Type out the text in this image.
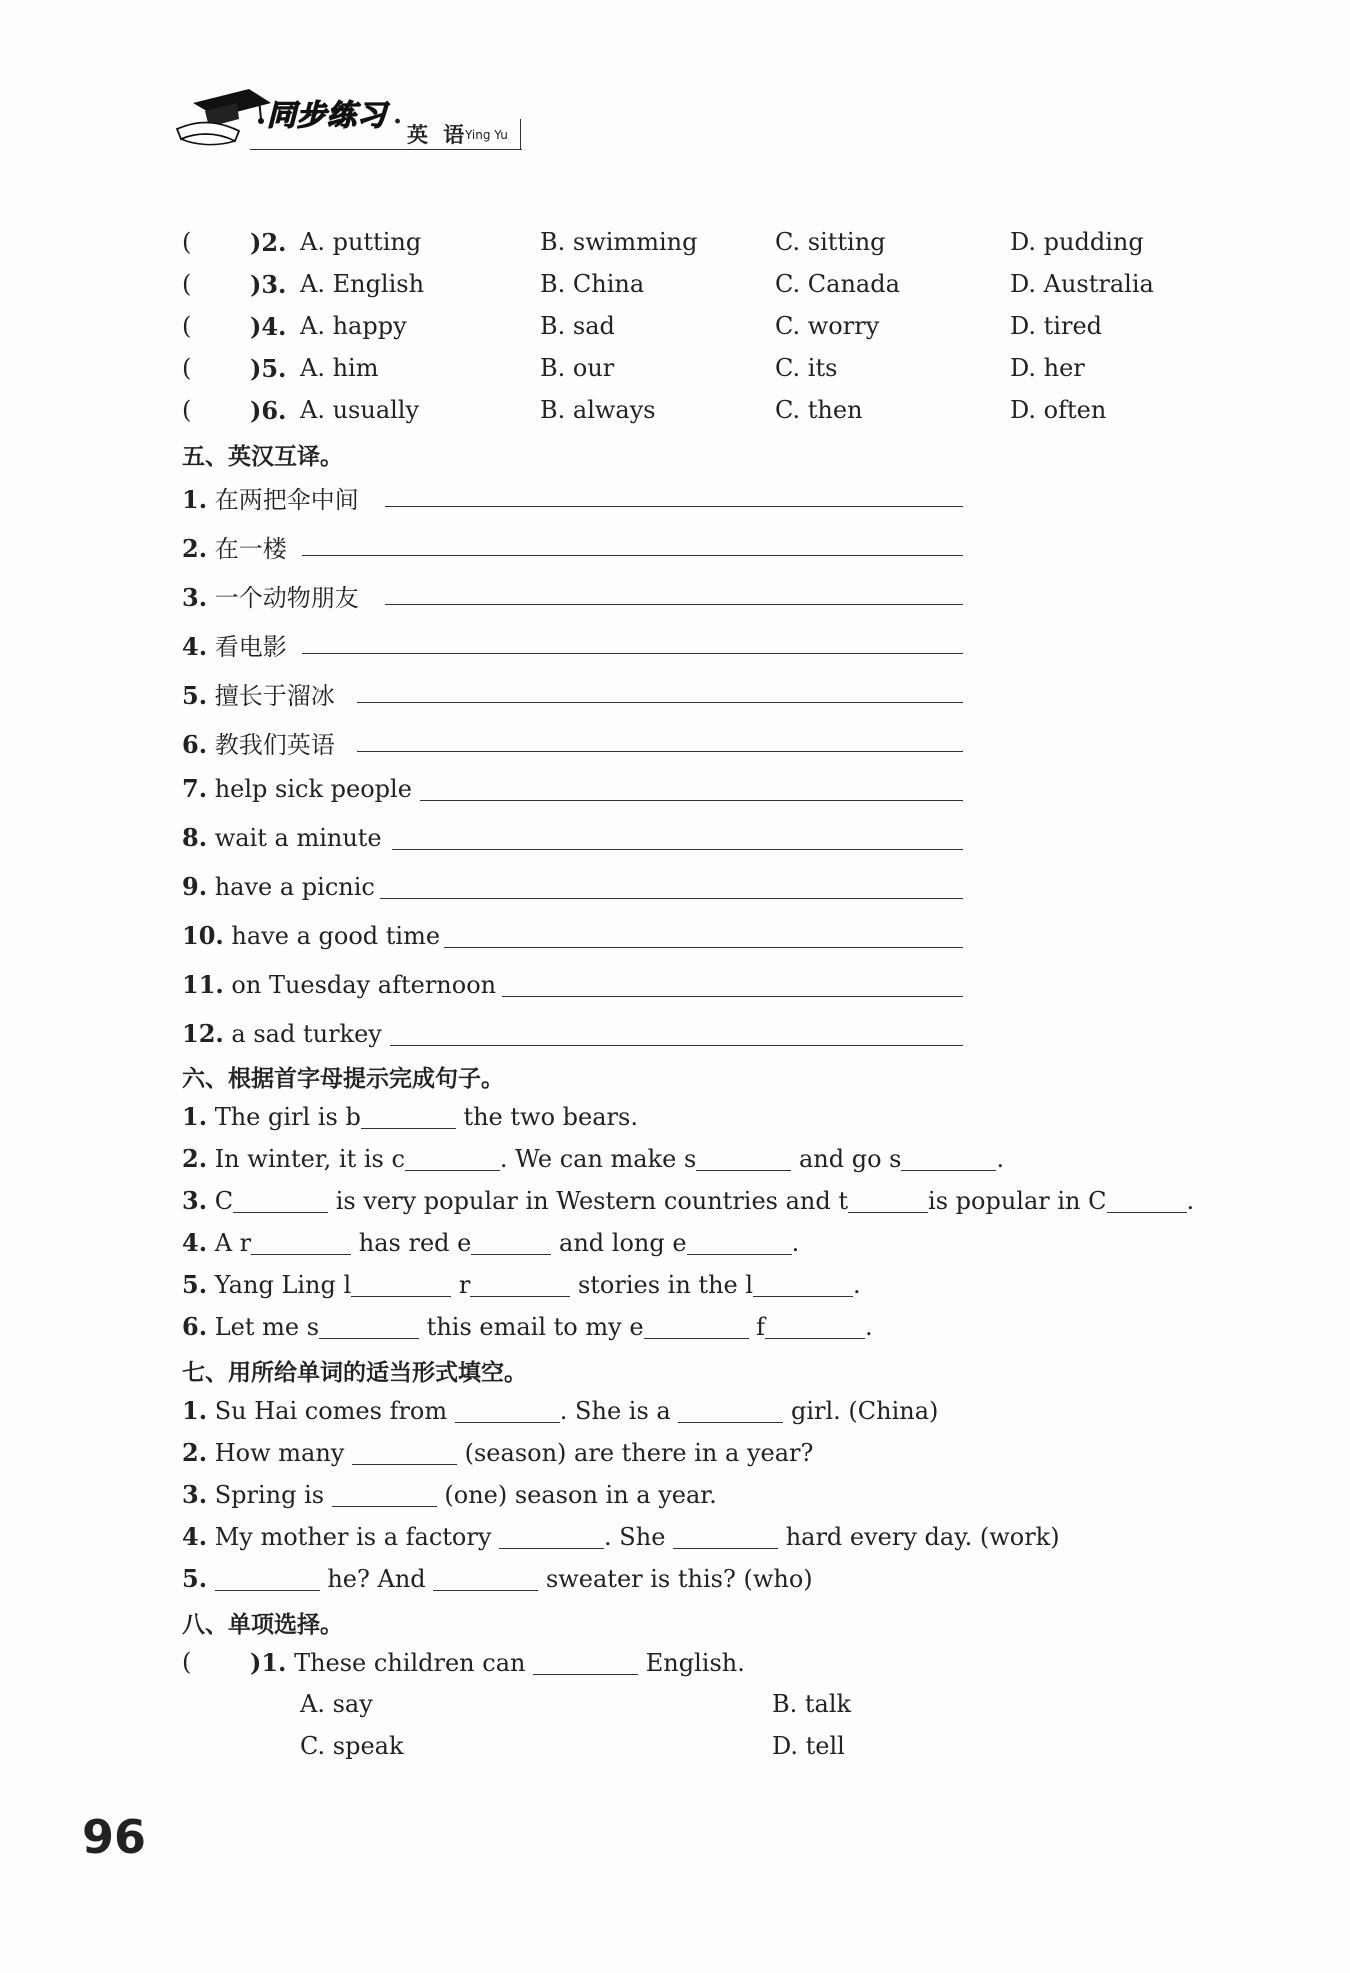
同步练习 · 英 语
Ying Yu
( )2. A. putting	B. swimming	C. sitting	D. pudding
( )3. A. English	B. China	C. Canada	D. Australia
( )4. A. happy	B. sad	C. worry	D. tired
( )5. A. him	B. our	C. its	D. her
( )6. A. usually	B. always	C. then	D. often
五、英汉互译。
1. 在两把伞中间
2. 在一楼
3. 一个动物朋友
4. 看电影
5. 擅长于溜冰
6. 教我们英语
7. help sick people
8. wait a minute
9. have a picnic
10. have a good time
11. on Tuesday afternoon
12. a sad turkey
六、根据首字母提示完成句子。
1. The girl is b	the two bears.
2. In winter, it is c	. We can make s	and go s	.
3. C	is very popular in Western countries and t	is popular in C	.
4. A r	has red e	and long e	.
5. Yang Ling l	r	stories in the l	.
6. Let me s	this email to my e	f	.
七、用所给单词的适当形式填空。
1. Su Hai comes from	. She is a	girl. (China)
2. How many	(season) are there in a year?
3. Spring is	(one) season in a year.
4. My mother is a factory	. She	hard every day. (work)
5.	he? And	sweater is this? (who)
八、单项选择。
( )1. These children can	English.
A. say	B. talk
C. speak	D. tell
96
